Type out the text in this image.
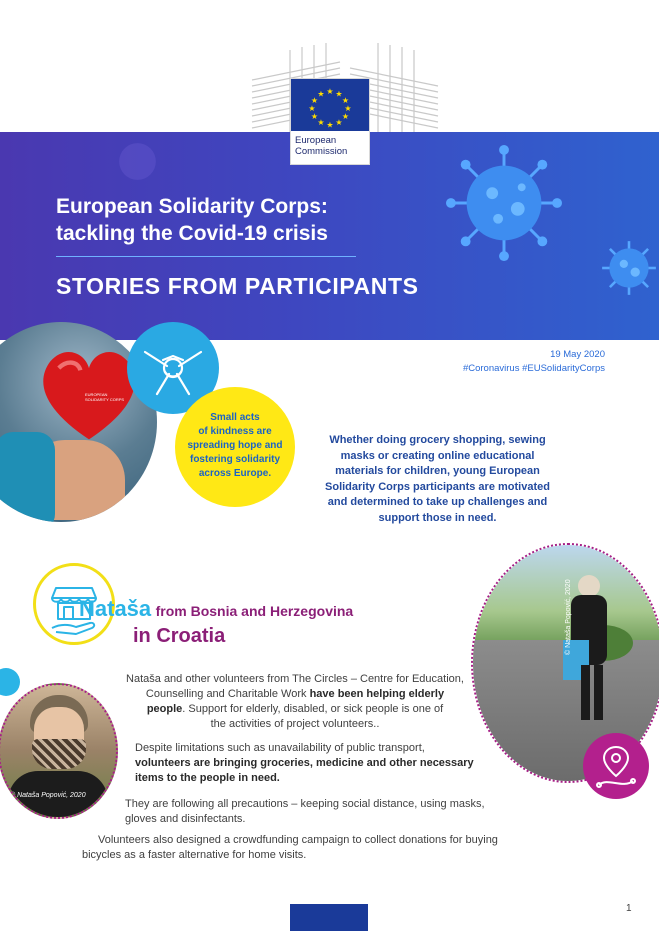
★ ★
★
★
★
★
★
★
★
★
★
★
European
Commission
European Solidarity Corps:
tackling the Covid-19 crisis
STORIES FROM PARTICIPANTS
EUROPEAN SOLIDARITY CORPS
Small acts
of kindness are
spreading hope and
fostering solidarity
across Europe.
19 May 2020
#Coronavirus #EUSolidarityCorps
Whether doing grocery shopping, sewing
masks or creating online educational
materials for children, young European
Solidarity Corps participants are motivated
and determined to take up challenges and
support those in need.
Nataša from Bosnia and Herzegovina
in Croatia	© Nataša Popović, 2020
© Nataša Popović, 2020
Nataša and other volunteers from The Circles – Centre for Education,
Counselling and Charitable Work have been helping elderly
people. Support for elderly, disabled, or sick people is one of
the activities of project volunteers..
Despite limitations such as unavailability of public transport,
volunteers are bringing groceries, medicine and other necessary
items to the people in need.
They are following all precautions – keeping social distance, using masks,
gloves and disinfectants.
Volunteers also designed a crowdfunding campaign to collect donations for buying
bicycles as a faster alternative for home visits.
1
